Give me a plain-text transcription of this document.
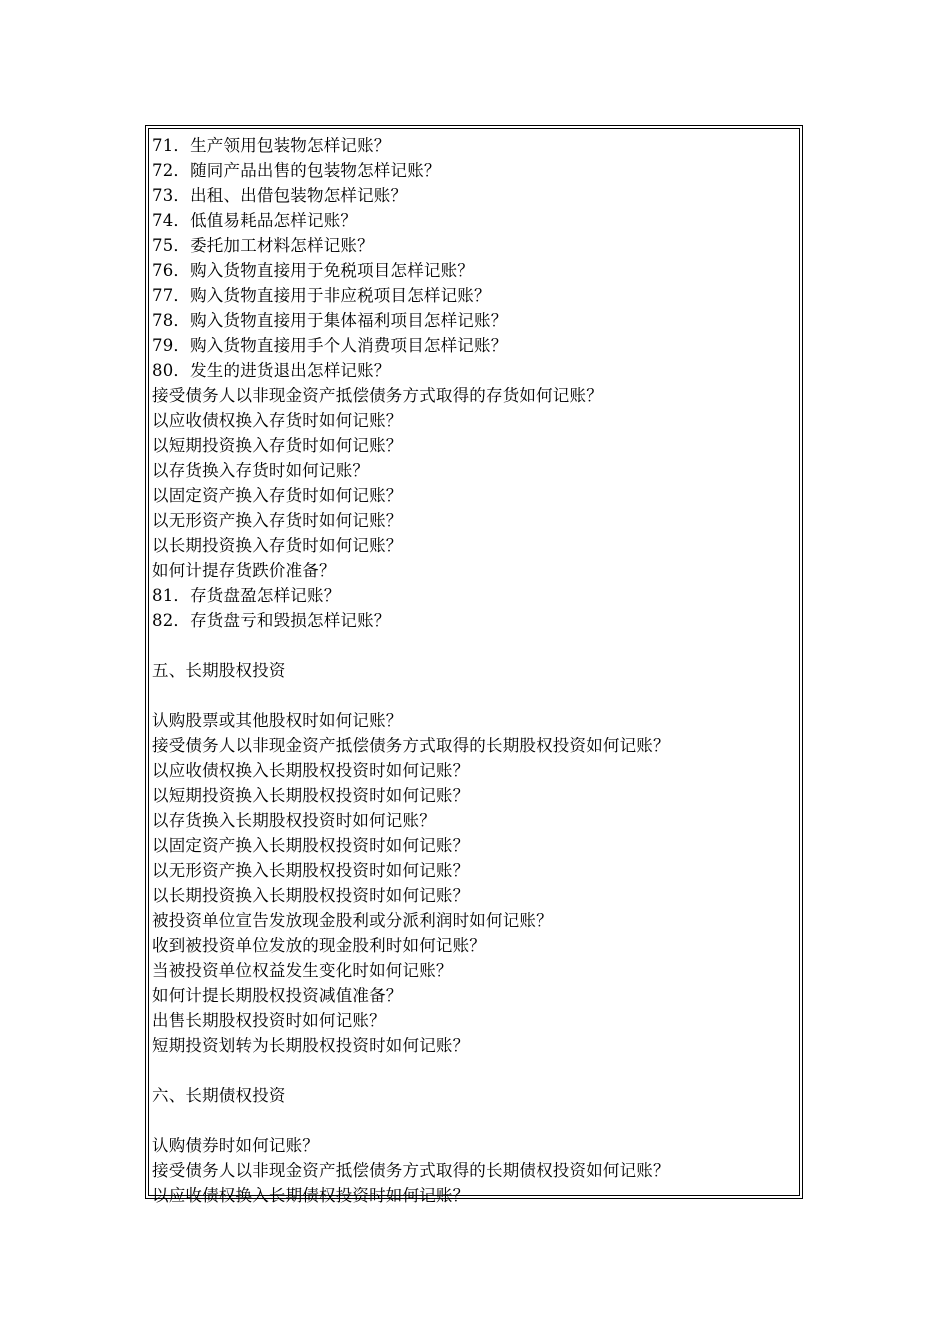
71．生产领用包装物怎样记账？
72．随同产品出售的包装物怎样记账？
73．出租、出借包装物怎样记账？
74．低值易耗品怎样记账？
75．委托加工材料怎样记账？
76．购入货物直接用于免税项目怎样记账？
77．购入货物直接用于非应税项目怎样记账？
78．购入货物直接用于集体福利项目怎样记账？
79．购入货物直接用手个人消费项目怎样记账？
80．发生的进货退出怎样记账？
接受债务人以非现金资产抵偿债务方式取得的存货如何记账？
以应收债权换入存货时如何记账？
以短期投资换入存货时如何记账？
以存货换入存货时如何记账？
以固定资产换入存货时如何记账？
以无形资产换入存货时如何记账？
以长期投资换入存货时如何记账？
如何计提存货跌价准备？
81．存货盘盈怎样记账？
82．存货盘亏和毁损怎样记账？
五、长期股权投资
认购股票或其他股权时如何记账？
接受债务人以非现金资产抵偿债务方式取得的长期股权投资如何记账？
以应收债权换入长期股权投资时如何记账？
以短期投资换入长期股权投资时如何记账？
以存货换入长期股权投资时如何记账？
以固定资产换入长期股权投资时如何记账？
以无形资产换入长期股权投资时如何记账？
以长期投资换入长期股权投资时如何记账？
被投资单位宣告发放现金股利或分派利润时如何记账？
收到被投资单位发放的现金股利时如何记账？
当被投资单位权益发生变化时如何记账？
如何计提长期股权投资减值准备？
出售长期股权投资时如何记账？
短期投资划转为长期股权投资时如何记账？
六、长期债权投资
认购债券时如何记账？
接受债务人以非现金资产抵偿债务方式取得的长期债权投资如何记账？
以应收债权换入长期债权投资时如何记账？
